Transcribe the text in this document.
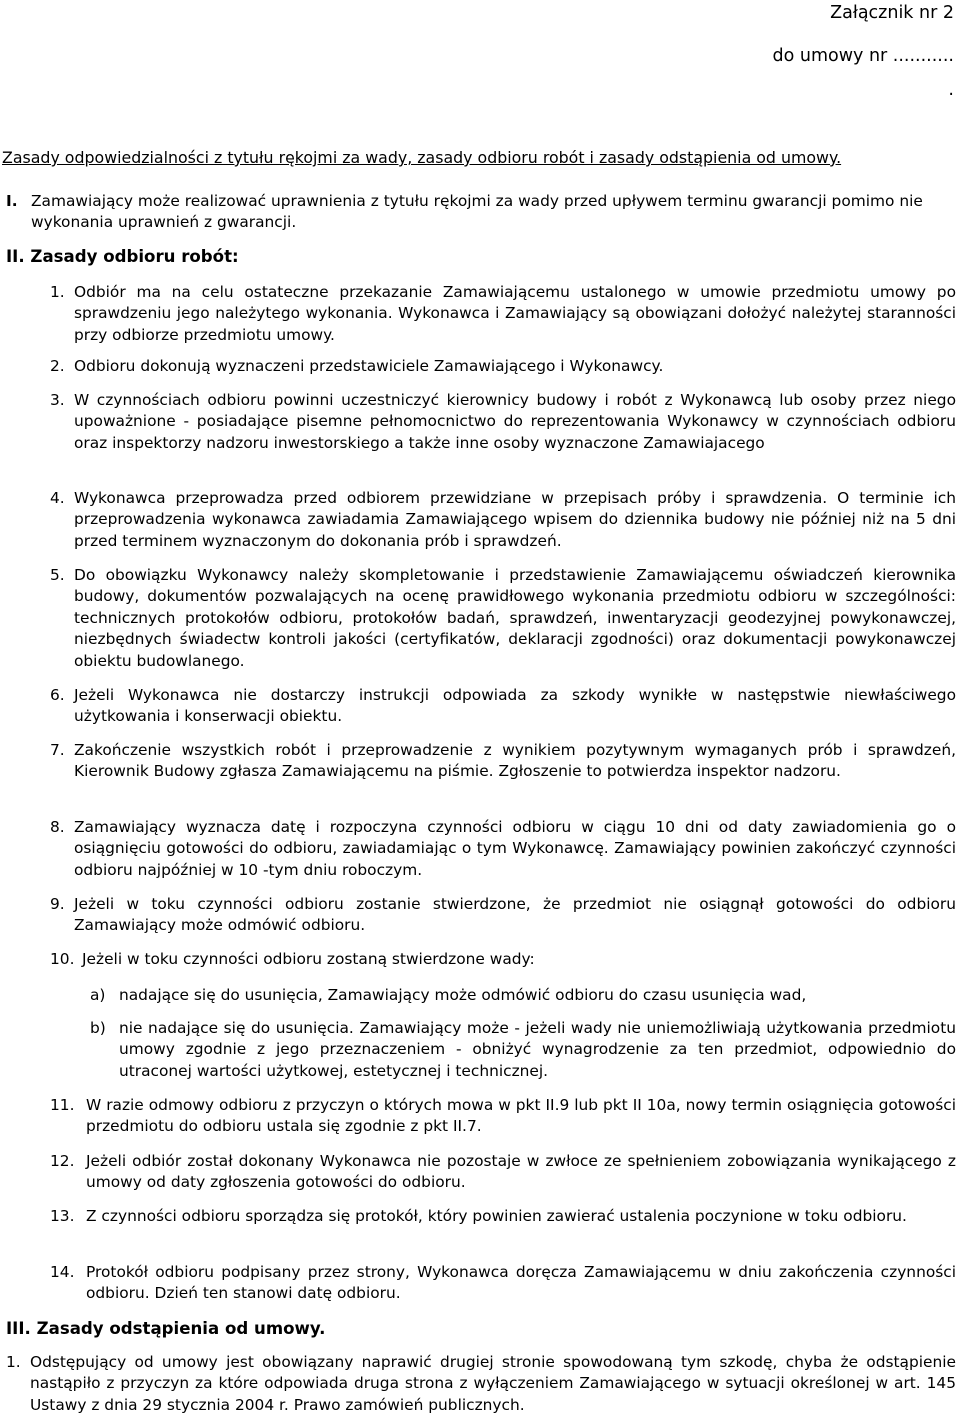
Załącznik nr 2
do umowy nr ...........
.
Zasady odpowiedzialności z tytułu rękojmi za wady, zasady odbioru robót i zasady odstąpienia od umowy.
I. Zamawiający może realizować uprawnienia z tytułu rękojmi za wady przed upływem terminu gwarancji pomimo nie wykonania uprawnień z gwarancji.
II. Zasady odbioru robót:
1. Odbiór ma na celu ostateczne przekazanie Zamawiającemu ustalonego w umowie przedmiotu umowy po sprawdzeniu jego należytego wykonania. Wykonawca i Zamawiający są obowiązani dołożyć należytej staranności przy odbiorze przedmiotu umowy.
2. Odbioru dokonują wyznaczeni przedstawiciele Zamawiającego i Wykonawcy.
3. W czynnościach odbioru powinni uczestniczyć kierownicy budowy i robót z Wykonawcą lub osoby przez niego upoważnione - posiadające pisemne pełnomocnictwo do reprezentowania Wykonawcy w czynnościach odbioru oraz inspektorzy nadzoru inwestorskiego a także inne osoby wyznaczone Zamawiajacego
4. Wykonawca przeprowadza przed odbiorem przewidziane w przepisach próby i sprawdzenia. O terminie ich przeprowadzenia wykonawca zawiadamia Zamawiającego wpisem do dziennika budowy nie później niż na 5 dni przed terminem wyznaczonym do dokonania prób i sprawdzeń.
5. Do obowiązku Wykonawcy należy skompletowanie i przedstawienie Zamawiającemu oświadczeń kierownika budowy, dokumentów pozwalających na ocenę prawidłowego wykonania przedmiotu odbioru w szczególności: technicznych protokołów odbioru, protokołów badań, sprawdzeń, inwentaryzacji geodezyjnej powykonawczej, niezbędnych świadectw kontroli jakości (certyfikatów, deklaracji zgodności) oraz dokumentacji powykonawczej obiektu budowlanego.
6. Jeżeli Wykonawca nie dostarczy instrukcji odpowiada za szkody wynikłe w następstwie niewłaściwego użytkowania i konserwacji obiektu.
7. Zakończenie wszystkich robót i przeprowadzenie z wynikiem pozytywnym wymaganych prób i sprawdzeń, Kierownik Budowy zgłasza Zamawiającemu na piśmie. Zgłoszenie to potwierdza inspektor nadzoru.
8. Zamawiający wyznacza datę i rozpoczyna czynności odbioru w ciągu 10 dni od daty zawiadomienia go o osiągnięciu gotowości do odbioru, zawiadamiając o tym Wykonawcę. Zamawiający powinien zakończyć czynności odbioru najpóźniej w 10 -tym dniu roboczym.
9. Jeżeli w toku czynności odbioru zostanie stwierdzone, że przedmiot nie osiągnął gotowości do odbioru Zamawiający może odmówić odbioru.
10. Jeżeli w toku czynności odbioru zostaną stwierdzone wady:
a) nadające się do usunięcia, Zamawiający może odmówić odbioru do czasu usunięcia wad,
b) nie nadające się do usunięcia. Zamawiający może - jeżeli wady nie uniemożliwiają użytkowania przedmiotu umowy zgodnie z jego przeznaczeniem - obniżyć wynagrodzenie za ten przedmiot, odpowiednio do utraconej wartości użytkowej, estetycznej i technicznej.
11. W razie odmowy odbioru z przyczyn o których mowa w pkt II.9 lub pkt II 10a, nowy termin osiągnięcia gotowości przedmiotu do odbioru ustala się zgodnie z pkt II.7.
12. Jeżeli odbiór został dokonany Wykonawca nie pozostaje w zwłoce ze spełnieniem zobowiązania wynikającego z umowy od daty zgłoszenia gotowości do odbioru.
13. Z czynności odbioru sporządza się protokół, który powinien zawierać ustalenia poczynione w toku odbioru.
14. Protokół odbioru podpisany przez strony, Wykonawca doręcza Zamawiającemu w dniu zakończenia czynności odbioru. Dzień ten stanowi datę odbioru.
III. Zasady odstąpienia od umowy.
1. Odstępujący od umowy jest obowiązany naprawić drugiej stronie spowodowaną tym szkodę, chyba że odstąpienie nastąpiło z przyczyn za które odpowiada druga strona z wyłączeniem Zamawiającego w sytuacji określonej w art. 145 Ustawy z dnia 29 stycznia 2004 r. Prawo zamówień publicznych.
